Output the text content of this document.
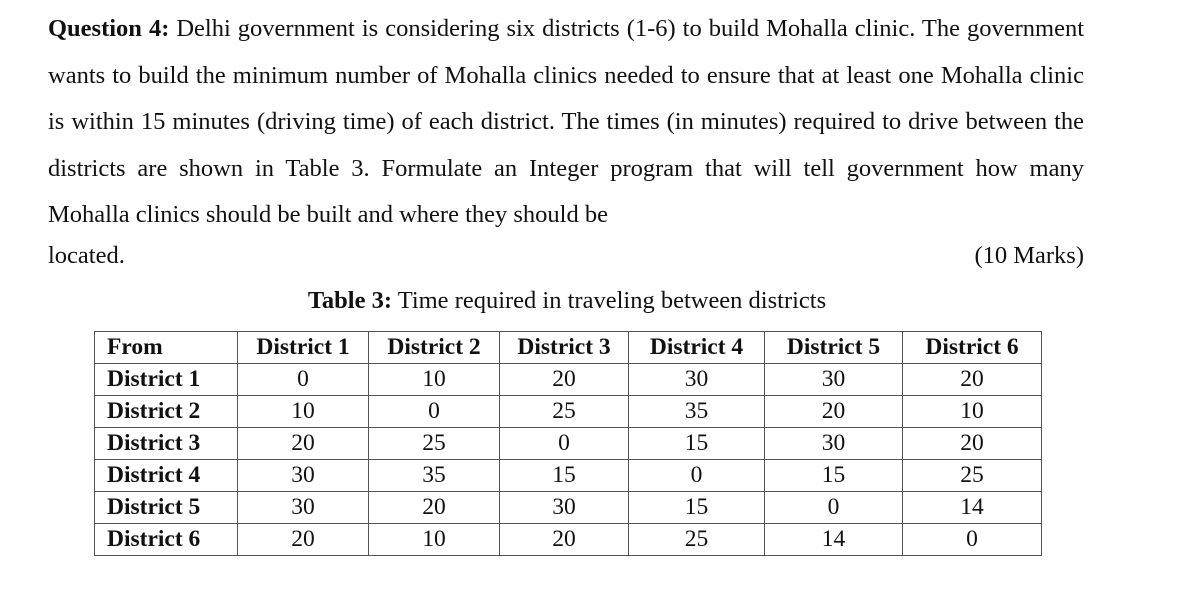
Question 4: Delhi government is considering six districts (1-6) to build Mohalla clinic. The government wants to build the minimum number of Mohalla clinics needed to ensure that at least one Mohalla clinic is within 15 minutes (driving time) of each district. The times (in minutes) required to drive between the districts are shown in Table 3. Formulate an Integer program that will tell government how many Mohalla clinics should be built and where they should be
located.	(10 Marks)
Table 3: Time required in traveling between districts
From	District 1	District 2	District 3	District 4	District 5	District 6
District 1	0	10	20	30	30	20
District 2	10	0	25	35	20	10
District 3	20	25	0	15	30	20
District 4	30	35	15	0	15	25
District 5	30	20	30	15	0	14
District 6	20	10	20	25	14	0
